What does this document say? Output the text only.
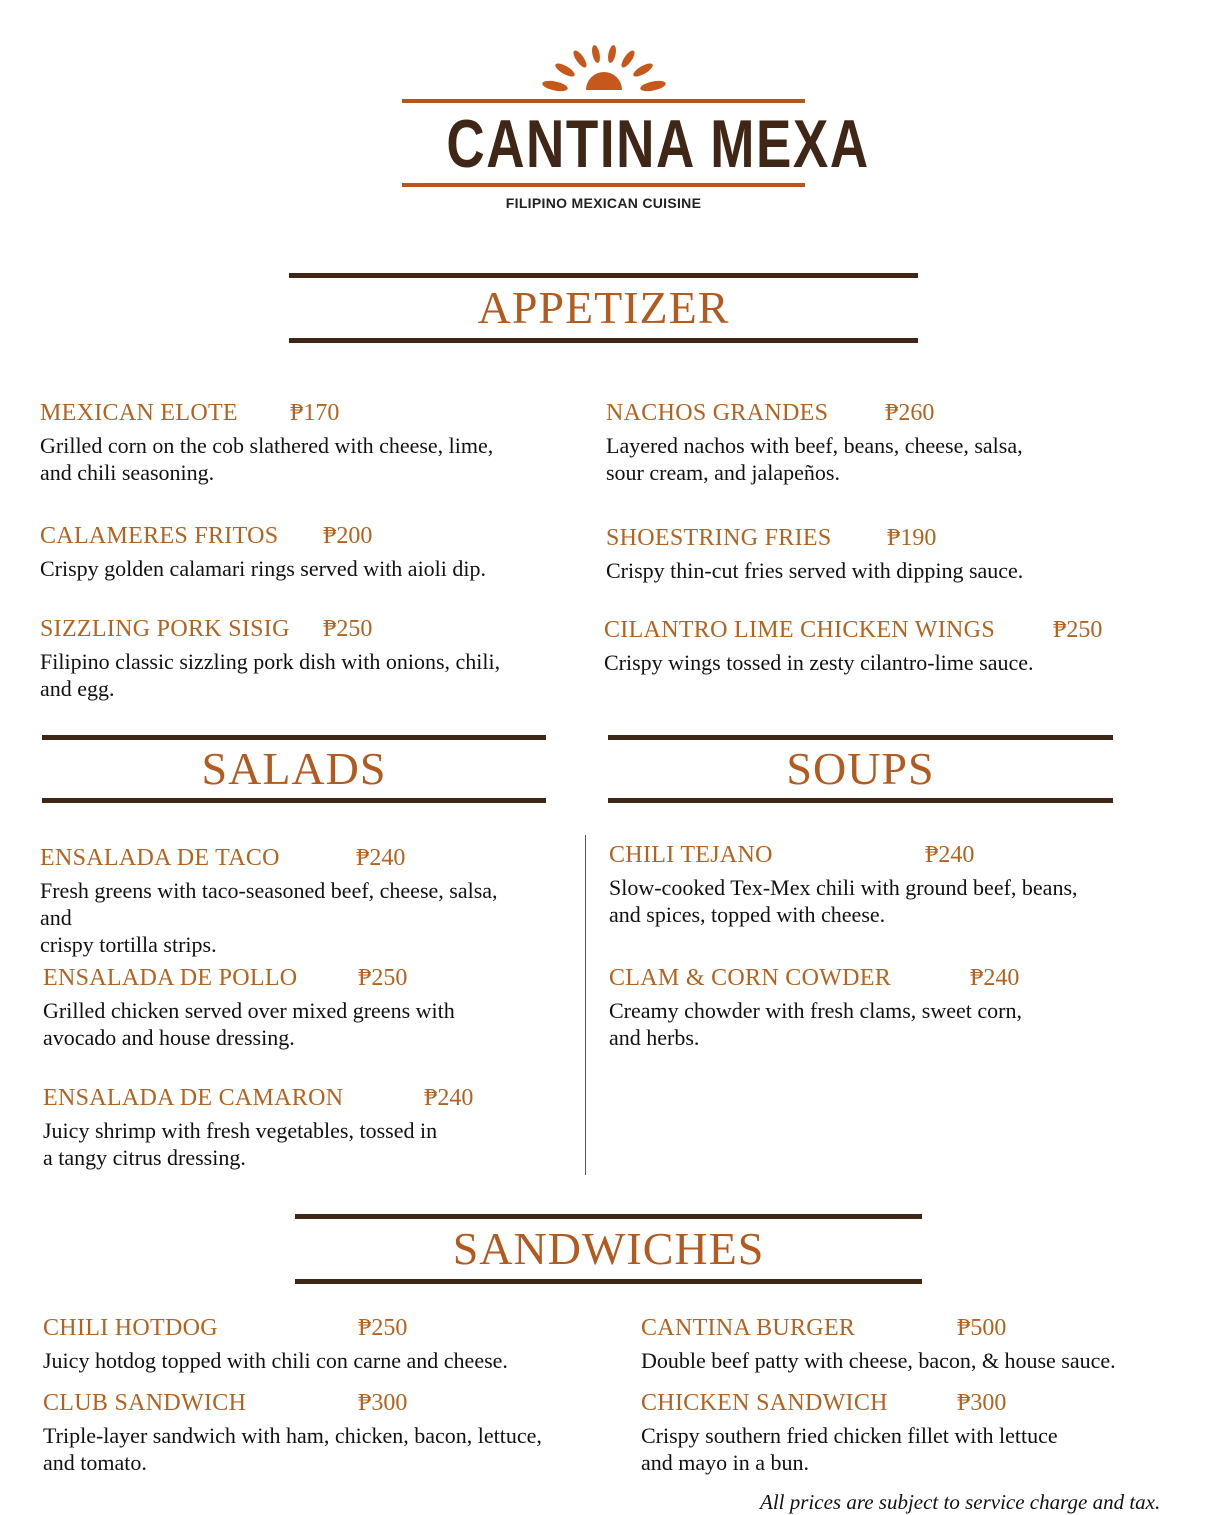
CANTINA MEXA
FILIPINO MEXICAN CUISINE
APPETIZER
SALADS	SOUPS
SANDWICHES
MEXICAN ELOTE ₱170
Grilled corn on the cob slathered with cheese, lime,
and chili seasoning.
CALAMERES FRITOS ₱200
Crispy golden calamari rings served with aioli dip.
SIZZLING PORK SISIG ₱250
Filipino classic sizzling pork dish with onions, chili,
and egg.
NACHOS GRANDES ₱260
Layered nachos with beef, beans, cheese, salsa,
sour cream, and jalapeños.
SHOESTRING FRIES ₱190
Crispy thin-cut fries served with dipping sauce.
CILANTRO LIME CHICKEN WINGS ₱250
Crispy wings tossed in zesty cilantro-lime sauce.
ENSALADA DE TACO	₱240
Fresh greens with taco-seasoned beef, cheese, salsa,
and
crispy tortilla strips.
ENSALADA DE POLLO	₱250
Grilled chicken served over mixed greens with
avocado and house dressing.
ENSALADA DE CAMARON	₱240
Juicy shrimp with fresh vegetables, tossed in
a tangy citrus dressing.
CHILI TEJANO	₱240
Slow-cooked Tex-Mex chili with ground beef, beans,
and spices, topped with cheese.
CLAM & CORN COWDER	₱240
Creamy chowder with fresh clams, sweet corn,
and herbs.
CHILI HOTDOG	₱250
Juicy hotdog topped with chili con carne and cheese.
CLUB SANDWICH	₱300
Triple-layer sandwich with ham, chicken, bacon, lettuce,
and tomato.
CANTINA BURGER	₱500
Double beef patty with cheese, bacon, & house sauce.
CHICKEN SANDWICH	₱300
Crispy southern fried chicken fillet with lettuce
and mayo in a bun.
All prices are subject to service charge and tax.
